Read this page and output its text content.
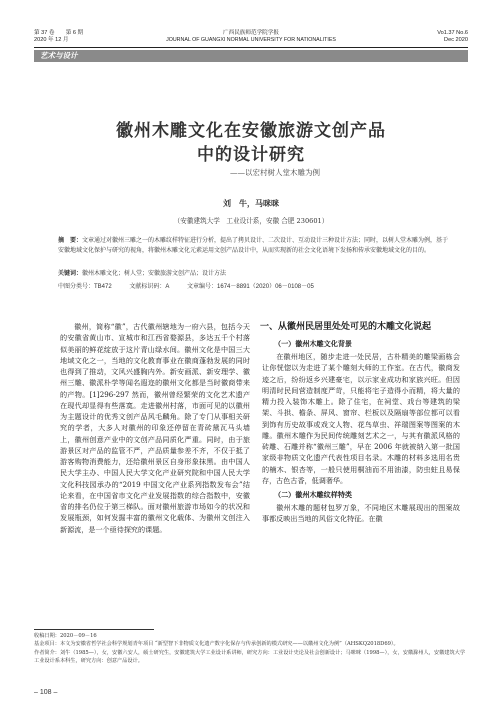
第 37 卷　　第 6 期
2020 年 12 月
广西民族师范学院学报
JOURNAL OF GUANGXI NORMAL UNIVERSITY FOR NATIONALITIES
Vo1.37 No.6
Dec 2020
艺术与设计
徽州木雕文化在安徽旅游文创产品
中的设计研究
——以宏村树人堂木雕为例
刘　牛，马咪咪
（安徽建筑大学　工业设计系，安徽 合肥 230601）
摘　要：文章通过对徽州三雕之一的木雕纹样特征进行分析，提出了拷贝设计、二次设计、互动设计三种设计方法；同时，以树人堂木雕为例，基于安徽地域文化保护与研究的视角，将徽州木雕文化元素运用文创产品设计中，从而实现新的社会文化语境下发扬和传承安徽地域文化的目的。
关键词：徽州木雕文化；树人堂；安徽旅游文创产品；设计方法
中图分类号：TB472	文献标识码：A	文章编号：1674－8891（2020）06－0108－05

徽州，简称“徽”，古代徽州辖地为一府六县，包括今天的安徽省黄山市、宣城市和江西省婺源县，多达五千个村落似美丽的鲜花绽放于这片青山绿水间。徽州文化是中国三大地域文化之一，当地的文化教育事业在徽商蓬勃发展的同时也得到了推动，文风兴盛胸内外。新安画派、新安理学、徽州三雕、徽派朴学等闻名遐迩的徽州文化都是当时徽商带来的产物。[1]296-297 然而，徽州曾经繁荣的文化艺术遗产在现代却显得有些落寞。走进徽州村落，市面可见的以徽州为主题设计的优秀文创产品风毛麟角。除了专门从事相关研究的学者，大多人对徽州的印象还停留在青砖黛瓦马头墙上，徽州创意产业中的文创产品同质化严重。同时，由于旅游景区对产品的监管不严，产品质量参差不齐，不仅于抵了游客购物消费能力，还给徽州景区自身形象抹黑。由中国人民大学主办、中国人民大学文化产业研究院和中国人民大学文化科技园承办的“2019 中国文化产业系列指数发布会”结论来看，在中国省市文化产业发展指数的综合指数中，安徽省的排名仍位于第三梯队。面对徽州旅游市场如今的状况和发展瓶颈，如何发掘丰富的徽州文化载体、为徽州文创注入新源流，是一个亟待探究的课题。

一、从徽州民居里处处可见的木雕文化说起
（一）徽州木雕文化背景

在徽州地区，随步走进一处民居，古朴精美的雕梁画栋会让你恍惚以为走进了某个雕刻大师的工作室。在古代，徽商发迹之后，纷纷返乡兴建豪宅，以示家业成功和家族兴旺。但因明清时民间营造制度严苛，只能将宅子造得小而精，将大量的精力投入装饰木雕上。除了住宅，在祠堂、戏台等建筑的梁架、斗拱、檐条、屏风、窗帘、栏板以及隔扇等部位都可以看到饰有历史故事或戏文人物、花鸟草虫、祥瑞图案等图案的木雕。徽州木雕作为民间传统雕刻艺术之一，与其有徽派风格的砖雕、石雕并称“徽州三雕”，早在 2006 年就被纳入第一批国家级非物质文化遗产代表性项目名录。木雕的材料多选用名贵的楠木、银杏等，一般只使用桐油而不用油漆，防虫蛀且易保存，古色古香，低调奢华。

（二）徽州木雕纹样特类

徽州木雕的题材包罗万象，不同地区木雕展现出的图案故事都反映出当地的风俗文化特征。在徽

收稿日期：2020－09－16
基金项目：本文为安徽省哲学社会科学规划青年项目 “新型智下非物质文化遗产数字化保存与传承创新的模式研究——以徽州文化为例”（AHSKQ2018D69）。
作者简介：刘牛（1985—），女，安徽六安人，硕士研究生，安徽建筑大学工业设计系讲师，研究方向：工业设计史论及社会创新设计；马咪咪（1998—），女，安徽滁州人，安徽建筑大学工业设计系本科生，研究方向：创意产品设计。
– 108 –
